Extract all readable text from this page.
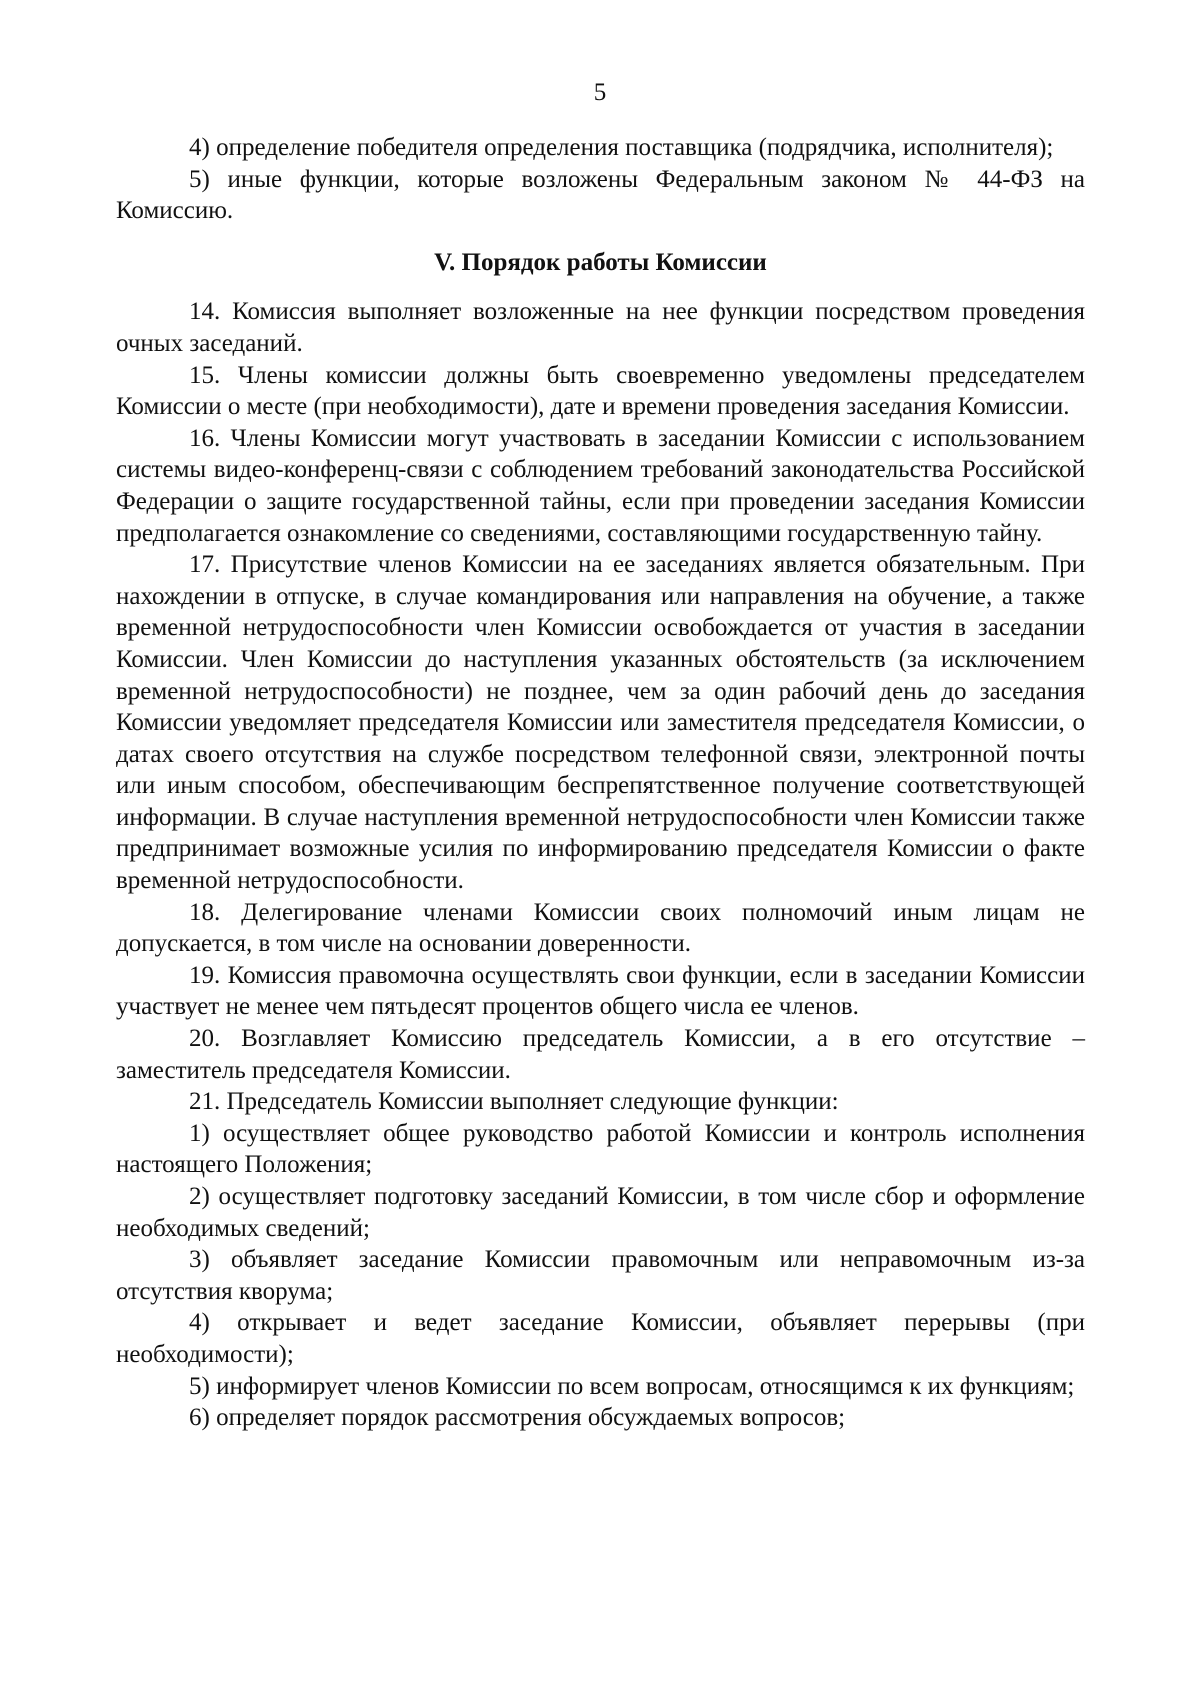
5

4) определение победителя определения поставщика (подрядчика, исполнителя);

5) иные функции, которые возложены Федеральным законом № 44-ФЗ на Комиссию.

V. Порядок работы Комиссии

14. Комиссия выполняет возложенные на нее функции посредством проведения очных заседаний.

15. Члены комиссии должны быть своевременно уведомлены председателем Комиссии о месте (при необходимости), дате и времени проведения заседания Комиссии.

16. Члены Комиссии могут участвовать в заседании Комиссии с использованием системы видео-конференц-связи с соблюдением требований законодательства Российской Федерации о защите государственной тайны, если при проведении заседания Комиссии предполагается ознакомление со сведениями, составляющими государственную тайну.

17. Присутствие членов Комиссии на ее заседаниях является обязательным. При нахождении в отпуске, в случае командирования или направления на обучение, а также временной нетрудоспособности член Комиссии освобождается от участия в заседании Комиссии. Член Комиссии до наступления указанных обстоятельств (за исключением временной нетрудоспособности) не позднее, чем за один рабочий день до заседания Комиссии уведомляет председателя Комиссии или заместителя председателя Комиссии, о датах своего отсутствия на службе посредством телефонной связи, электронной почты или иным способом, обеспечивающим беспрепятственное получение соответствующей информации. В случае наступления временной нетрудоспособности член Комиссии также предпринимает возможные усилия по информированию председателя Комиссии о факте временной нетрудоспособности.

18. Делегирование членами Комиссии своих полномочий иным лицам не допускается, в том числе на основании доверенности.

19. Комиссия правомочна осуществлять свои функции, если в заседании Комиссии участвует не менее чем пятьдесят процентов общего числа ее членов.

20. Возглавляет Комиссию председатель Комиссии, а в его отсутствие – заместитель председателя Комиссии.

21. Председатель Комиссии выполняет следующие функции:

1) осуществляет общее руководство работой Комиссии и контроль исполнения настоящего Положения;

2) осуществляет подготовку заседаний Комиссии, в том числе сбор и оформление необходимых сведений;

3) объявляет заседание Комиссии правомочным или неправомочным из-за отсутствия кворума;

4) открывает и ведет заседание Комиссии, объявляет перерывы (при необходимости);

5) информирует членов Комиссии по всем вопросам, относящимся к их функциям;

6) определяет порядок рассмотрения обсуждаемых вопросов;
